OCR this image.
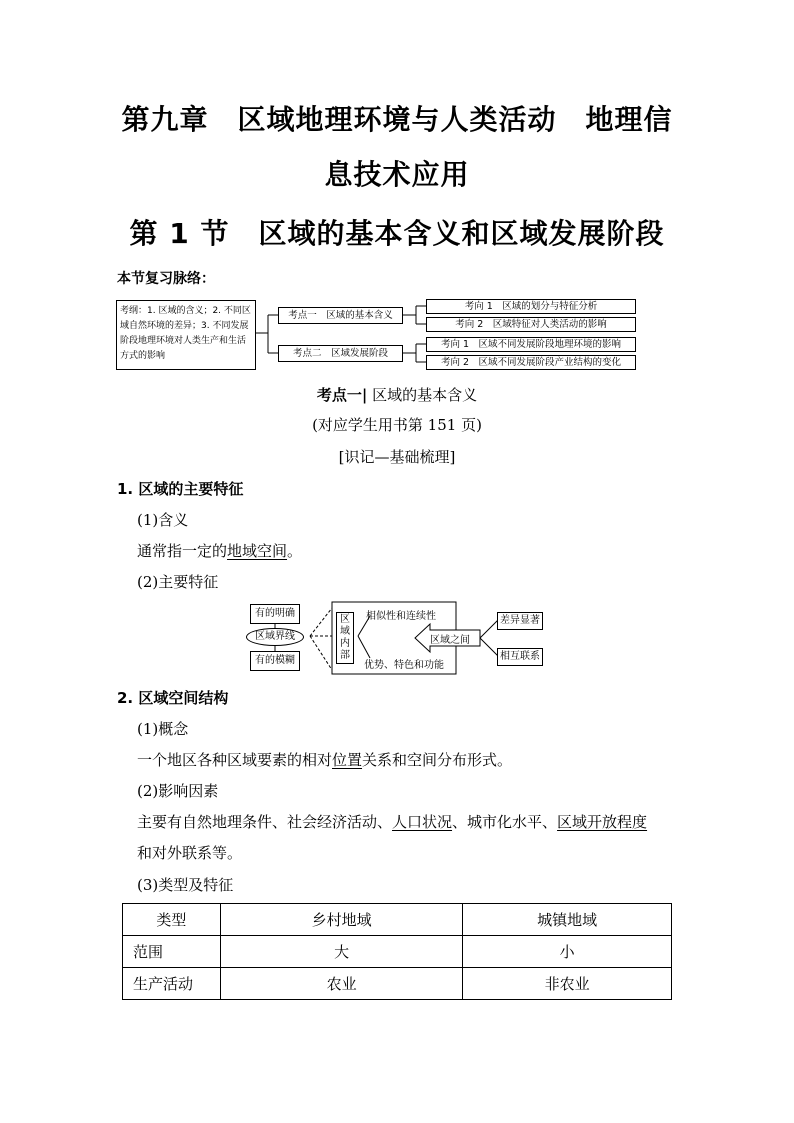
第九章　区域地理环境与人类活动　地理信
息技术应用
第 1 节　区域的基本含义和区域发展阶段
本节复习脉络：
考纲：1. 区域的含义；2. 不同区域自然环境的差异；3. 不同发展阶段地理环境对人类生产和生活方式的影响
考点一　区域的基本含义
考点二　区域发展阶段
考向 1　区域的划分与特征分析
考向 2　区域特征对人类活动的影响
考向 1　区域不同发展阶段地理环境的影响
考向 2　区域不同发展阶段产业结构的变化
考点一| 区域的基本含义
(对应学生用书第 151 页)
[识记—基础梳理]
1. 区域的主要特征
(1)含义
通常指一定的地域空间。
(2)主要特征
有的明确
区域界线
有的模糊
区域内部
相似性和连续性
优势、特色和功能
区域之间
差异显著
相互联系
2. 区域空间结构
(1)概念
一个地区各种区域要素的相对位置关系和空间分布形式。
(2)影响因素
主要有自然地理条件、社会经济活动、人口状况、城市化水平、区域开放程度
和对外联系等。
(3)类型及特征
类型	乡村地域	城镇地域
范围	大	小
生产活动	农业	非农业
